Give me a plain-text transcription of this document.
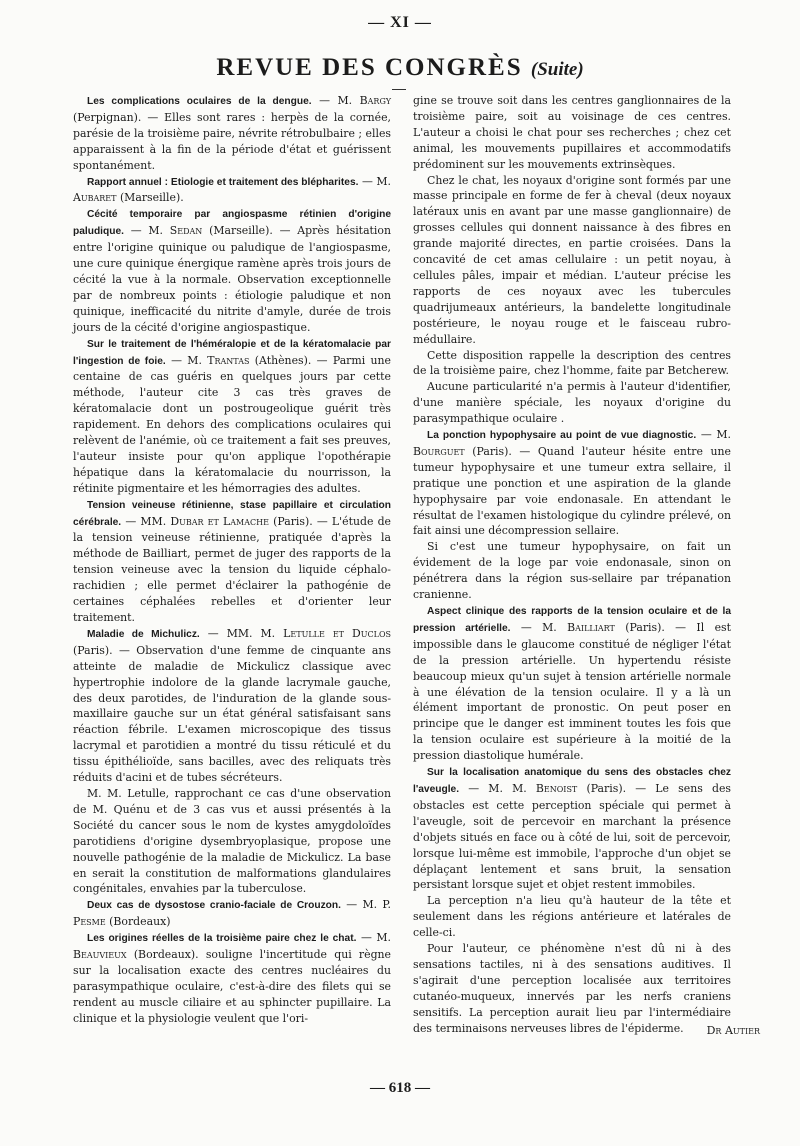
— XI —
REVUE DES CONGRÈS (Suite)

Les complications oculaires de la dengue. — M. Bargy (Perpignan). — Elles sont rares : herpès de la cornée, parésie de la troisième paire, névrite rétrobulbaire ; elles apparaissent à la fin de la période d'état et guérissent spontanément.

Rapport annuel : Etiologie et traitement des blépharites. — M. Aubaret (Marseille).

Cécité temporaire par angiospasme rétinien d'origine paludique. — M. Sedan (Marseille). — Après hésitation entre l'origine quinique ou paludique de l'angiospasme, une cure quinique énergique ramène après trois jours de cécité la vue à la normale. Observation exceptionnelle par de nombreux points : étiologie paludique et non quinique, inefficacité du nitrite d'amyle, durée de trois jours de la cécité d'origine angiospastique.

Sur le traitement de l'héméralopie et de la kératomalacie par l'ingestion de foie. — M. Trantas (Athènes). — Parmi une centaine de cas guéris en quelques jours par cette méthode, l'auteur cite 3 cas très graves de kératomalacie dont un postrougeolique guérit très rapidement. En dehors des complications oculaires qui relèvent de l'anémie, où ce traitement a fait ses preuves, l'auteur insiste pour qu'on applique l'opothérapie hépatique dans la kératomalacie du nourrisson, la rétinite pigmentaire et les hémorragies des adultes.

Tension veineuse rétinienne, stase papillaire et circulation cérébrale. — MM. Dubar et Lamache (Paris). — L'étude de la tension veineuse rétinienne, pratiquée d'après la méthode de Bailliart, permet de juger des rapports de la tension veineuse avec la tension du liquide céphalo-rachidien ; elle permet d'éclairer la pathogénie de certaines céphalées rebelles et d'orienter leur traitement.

Maladie de Michulicz. — MM. M. Letulle et Duclos (Paris). — Observation d'une femme de cinquante ans atteinte de maladie de Mickulicz classique avec hypertrophie indolore de la glande lacrymale gauche, des deux parotides, de l'induration de la glande sous-maxillaire gauche sur un état général satisfaisant sans réaction fébrile. L'examen microscopique des tissus lacrymal et parotidien a montré du tissu réticulé et du tissu épithélioïde, sans bacilles, avec des reliquats très réduits d'acini et de tubes sécréteurs.

M. M. Letulle, rapprochant ce cas d'une observation de M. Quénu et de 3 cas vus et aussi présentés à la Société du cancer sous le nom de kystes amygdoloïdes parotidiens d'origine dysembryoplasique, propose une nouvelle pathogénie de la maladie de Mickulicz. La base en serait la constitution de malformations glandulaires congénitales, envahies par la tuberculose.

Deux cas de dysostose cranio-faciale de Crouzon. — M. P. Pesme (Bordeaux)

Les origines réelles de la troisième paire chez le chat. — M. Beauvieux (Bordeaux). souligne l'incertitude qui règne sur la localisation exacte des centres nucléaires du parasympathique oculaire, c'est-à-dire des filets qui se rendent au muscle ciliaire et au sphincter pupillaire. La clinique et la physiologie veulent que l'ori-

gine se trouve soit dans les centres ganglionnaires de la troisième paire, soit au voisinage de ces centres. L'auteur a choisi le chat pour ses recherches ; chez cet animal, les mouvements pupillaires et accommodatifs prédominent sur les mouvements extrinsèques.

Chez le chat, les noyaux d'origine sont formés par une masse principale en forme de fer à cheval (deux noyaux latéraux unis en avant par une masse ganglionnaire) de grosses cellules qui donnent naissance à des fibres en grande majorité directes, en partie croisées. Dans la concavité de cet amas cellulaire : un petit noyau, à cellules pâles, impair et médian. L'auteur précise les rapports de ces noyaux avec les tubercules quadrijumeaux antérieurs, la bandelette longitudinale postérieure, le noyau rouge et le faisceau rubro-médullaire.

Cette disposition rappelle la description des centres de la troisième paire, chez l'homme, faite par Betcherew.

Aucune particularité n'a permis à l'auteur d'identifier, d'une manière spéciale, les noyaux d'origine du parasympathique oculaire .

La ponction hypophysaire au point de vue diagnostic. — M. Bourguet (Paris). — Quand l'auteur hésite entre une tumeur hypophysaire et une tumeur extra sellaire, il pratique une ponction et une aspiration de la glande hypophysaire par voie endonasale. En attendant le résultat de l'examen histologique du cylindre prélevé, on fait ainsi une décompression sellaire.

Si c'est une tumeur hypophysaire, on fait un évidement de la loge par voie endonasale, sinon on pénétrera dans la région sus-sellaire par trépanation cranienne.

Aspect clinique des rapports de la tension oculaire et de la pression artérielle. — M. Bailliart (Paris). — Il est impossible dans le glaucome constitué de négliger l'état de la pression artérielle. Un hypertendu résiste beaucoup mieux qu'un sujet à tension artérielle normale à une élévation de la tension oculaire. Il y a là un élément important de pronostic. On peut poser en principe que le danger est imminent toutes les fois que la tension oculaire est supérieure à la moitié de la pression diastolique humérale.

Sur la localisation anatomique du sens des obstacles chez l'aveugle. — M. M. Benoist (Paris). — Le sens des obstacles est cette perception spéciale qui permet à l'aveugle, soit de percevoir en marchant la présence d'objets situés en face ou à côté de lui, soit de percevoir, lorsque lui-même est immobile, l'approche d'un objet se déplaçant lentement et sans bruit, la sensation persistant lorsque sujet et objet restent immobiles.

La perception n'a lieu qu'à hauteur de la tête et seulement dans les régions antérieure et latérales de celle-ci.

Pour l'auteur, ce phénomène n'est dû ni à des sensations tactiles, ni à des sensations auditives. Il s'agirait d'une perception localisée aux territoires cutanéo-muqueux, innervés par les nerfs craniens sensitifs. La perception aurait lieu par l'intermédiaire des terminaisons nerveuses libres de l'épiderme.	Dr Autier
— 618 —
